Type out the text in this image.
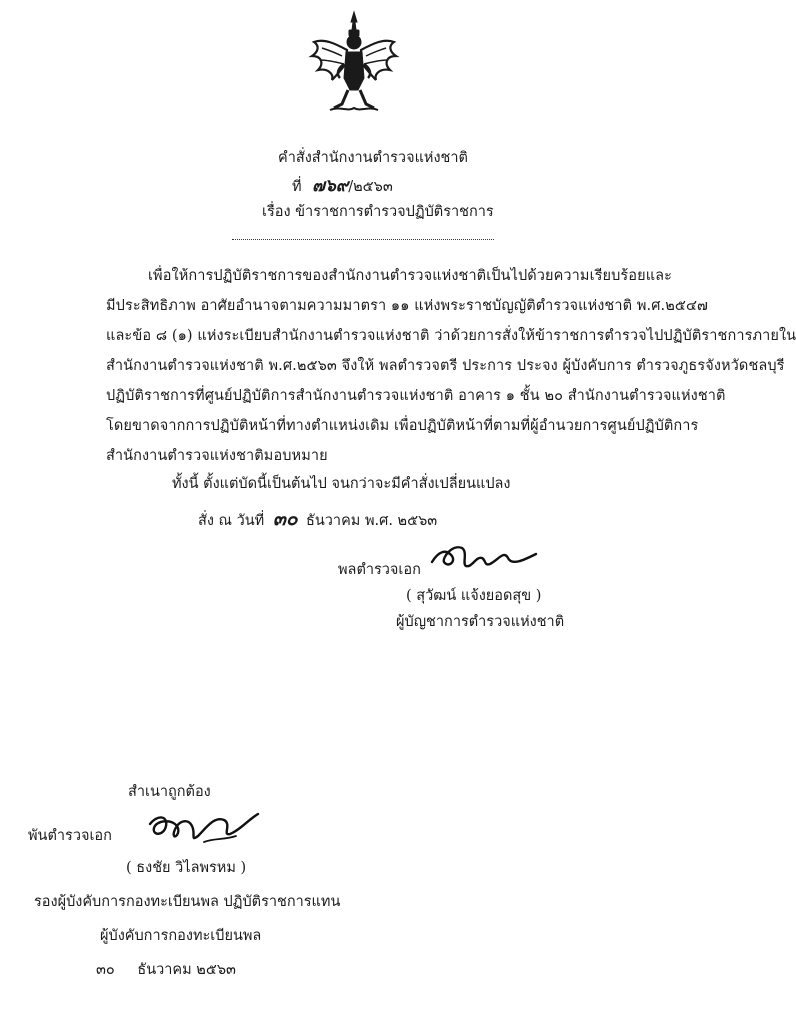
คำสั่งสำนักงานตำรวจแห่งชาติ
ที่ ๗๖๙/๒๕๖๓
เรื่อง ข้าราชการตำรวจปฏิบัติราชการ
เพื่อให้การปฏิบัติราชการของสำนักงานตำรวจแห่งชาติเป็นไปด้วยความเรียบร้อยและ
มีประสิทธิภาพ อาศัยอำนาจตามความมาตรา ๑๑ แห่งพระราชบัญญัติตำรวจแห่งชาติ พ.ศ.๒๕๔๗
และข้อ ๘ (๑) แห่งระเบียบสำนักงานตำรวจแห่งชาติ ว่าด้วยการสั่งให้ข้าราชการตำรวจไปปฏิบัติราชการภายใน
สำนักงานตำรวจแห่งชาติ พ.ศ.๒๕๖๓ จึงให้ พลตำรวจตรี ประการ ประจง ผู้บังคับการ ตำรวจภูธรจังหวัดชลบุรี
ปฏิบัติราชการที่ศูนย์ปฏิบัติการสำนักงานตำรวจแห่งชาติ อาคาร ๑ ชั้น ๒๐ สำนักงานตำรวจแห่งชาติ
โดยขาดจากการปฏิบัติหน้าที่ทางตำแหน่งเดิม เพื่อปฏิบัติหน้าที่ตามที่ผู้อำนวยการศูนย์ปฏิบัติการ
สำนักงานตำรวจแห่งชาติมอบหมาย
ทั้งนี้ ตั้งแต่บัดนี้เป็นต้นไป จนกว่าจะมีคำสั่งเปลี่ยนแปลง
สั่ง ณ วันที่ ๓๐ ธันวาคม พ.ศ. ๒๕๖๓
พลตำรวจเอก
( สุวัฒน์ แจ้งยอดสุข )
ผู้บัญชาการตำรวจแห่งชาติ
สำเนาถูกต้อง
พันตำรวจเอก
( ธงชัย วิไลพรหม )
รองผู้บังคับการกองทะเบียนพล ปฏิบัติราชการแทน
ผู้บังคับการกองทะเบียนพล
๓๐ ธันวาคม ๒๕๖๓
